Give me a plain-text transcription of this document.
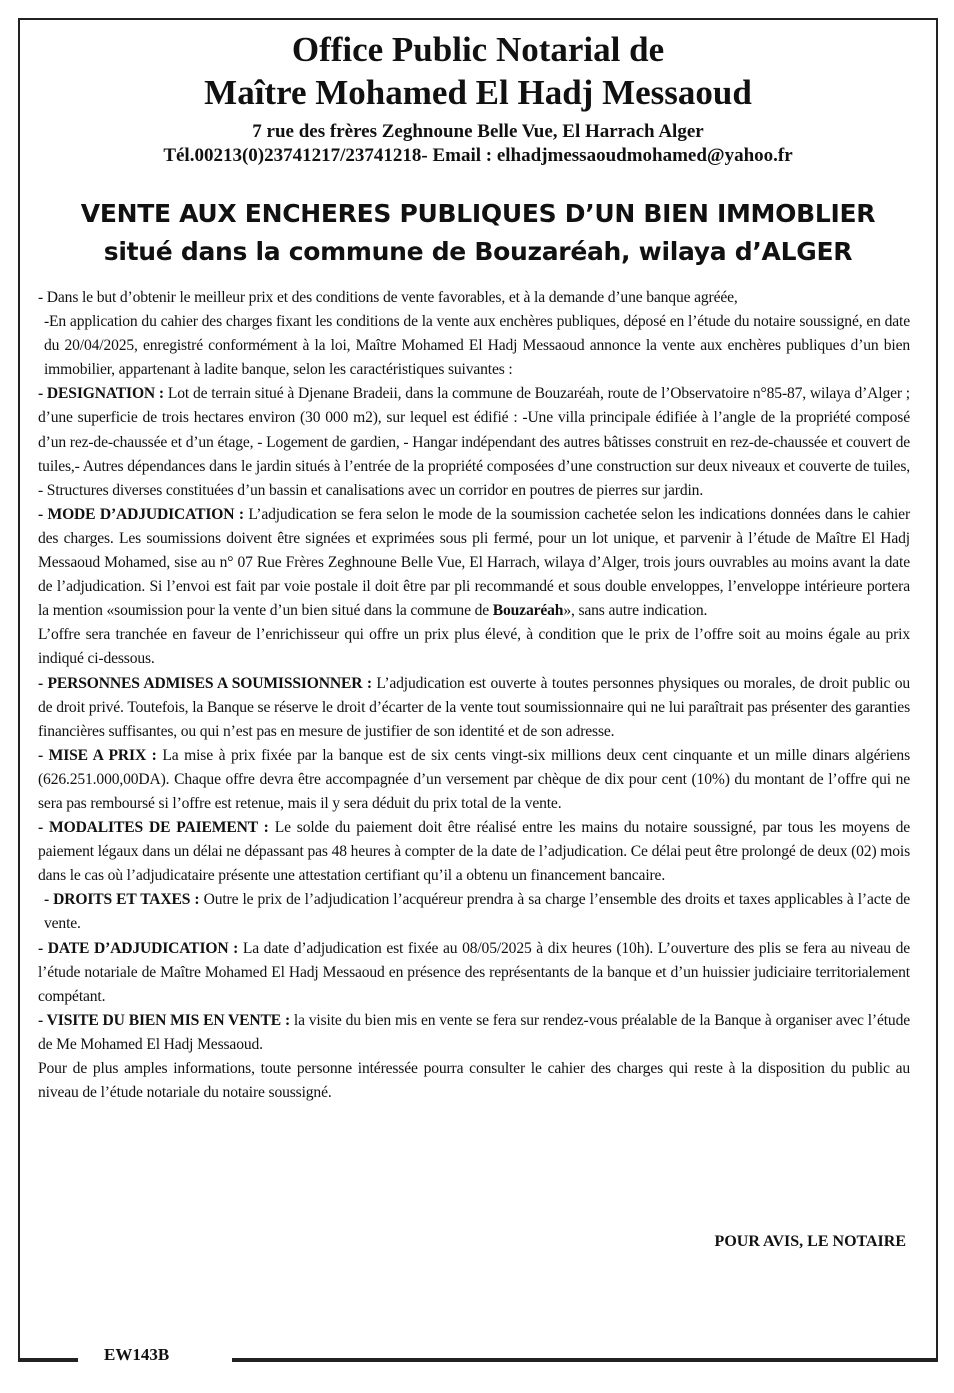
Office Public Notarial de
Maître Mohamed El Hadj Messaoud
7 rue des frères Zeghnoune Belle Vue, El Harrach Alger
Tél.00213(0)23741217/23741218- Email : elhadjmessaoudmohamed@yahoo.fr
VENTE AUX ENCHERES PUBLIQUES D’UN BIEN IMMOBLIER
situé dans la commune de Bouzaréah, wilaya d’ALGER

- Dans le but d’obtenir le meilleur prix et des conditions de vente favorables, et à la demande d’une banque agréée,

-En application du cahier des charges fixant les conditions de la vente aux enchères publiques, déposé en l’étude du notaire soussigné, en date du 20/04/2025, enregistré conformément à la loi, Maître Mohamed El Hadj Messaoud annonce la vente aux enchères publiques d’un bien immobilier, appartenant à ladite banque, selon les caractéristiques suivantes :

- DESIGNATION : Lot de terrain situé à Djenane Bradeii, dans la commune de Bouzaréah, route de l’Observatoire n°85-87, wilaya d’Alger ; d’une superficie de trois hectares environ (30 000 m2), sur lequel est édifié : -Une villa principale édifiée à l’angle de la propriété composé d’un rez-de-chaussée et d’un étage, - Logement de gardien, - Hangar indépendant des autres bâtisses construit en rez-de-chaussée et couvert de tuiles,- Autres dépendances dans le jardin situés à l’entrée de la propriété composées d’une construction sur deux niveaux et couverte de tuiles, - Structures diverses constituées d’un bassin et canalisations avec un corridor en poutres de pierres sur jardin.

- MODE D’ADJUDICATION : L’adjudication se fera selon le mode de la soumission cachetée selon les indications données dans le cahier des charges. Les soumissions doivent être signées et exprimées sous pli fermé, pour un lot unique, et parvenir à l’étude de Maître El Hadj Messaoud Mohamed, sise au n° 07 Rue Frères Zeghnoune Belle Vue, El Harrach, wilaya d’Alger, trois jours ouvrables au moins avant la date de l’adjudication. Si l’envoi est fait par voie postale il doit être par pli recommandé et sous double enveloppes, l’enveloppe intérieure portera la mention «soumission pour la vente d’un bien situé dans la commune de Bouzaréah», sans autre indication.

L’offre sera tranchée en faveur de l’enrichisseur qui offre un prix plus élevé, à condition que le prix de l’offre soit au moins égale au prix indiqué ci-dessous.

- PERSONNES ADMISES A SOUMISSIONNER : L’adjudication est ouverte à toutes personnes physiques ou morales, de droit public ou de droit privé. Toutefois, la Banque se réserve le droit d’écarter de la vente tout soumissionnaire qui ne lui paraîtrait pas présenter des garanties financières suffisantes, ou qui n’est pas en mesure de justifier de son identité et de son adresse.

- MISE A PRIX : La mise à prix fixée par la banque est de six cents vingt-six millions deux cent cinquante et un mille dinars algériens (626.251.000,00DA). Chaque offre devra être accompagnée d’un versement par chèque de dix pour cent (10%) du montant de l’offre qui ne sera pas remboursé si l’offre est retenue, mais il y sera déduit du prix total de la vente.

- MODALITES DE PAIEMENT : Le solde du paiement doit être réalisé entre les mains du notaire soussigné, par tous les moyens de paiement légaux dans un délai ne dépassant pas 48 heures à compter de la date de l’adjudication. Ce délai peut être prolongé de deux (02) mois dans le cas où l’adjudicataire présente une attestation certifiant qu’il a obtenu un financement bancaire.

- DROITS ET TAXES : Outre le prix de l’adjudication l’acquéreur prendra à sa charge l’ensemble des droits et taxes applicables à l’acte de vente.

- DATE D’ADJUDICATION : La date d’adjudication est fixée au 08/05/2025 à dix heures (10h). L’ouverture des plis se fera au niveau de l’étude notariale de Maître Mohamed El Hadj Messaoud en présence des représentants de la banque et d’un huissier judiciaire territorialement compétant.

- VISITE DU BIEN MIS EN VENTE : la visite du bien mis en vente se fera sur rendez-vous préalable de la Banque à organiser avec l’étude de Me Mohamed El Hadj Messaoud.

Pour de plus amples informations, toute personne intéressée pourra consulter le cahier des charges qui reste à la disposition du public au niveau de l’étude notariale du notaire soussigné.

POUR AVIS, LE NOTAIRE
EW143B
